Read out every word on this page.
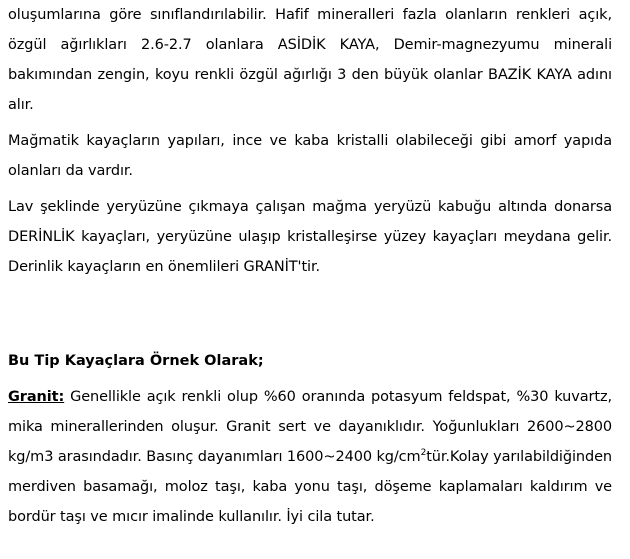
oluşumlarına göre sınıflandırılabilir. Hafif mineralleri fazla olanların renkleri açık, özgül ağırlıkları 2.6-2.7 olanlara ASİDİK KAYA, Demir-magnezyumu minerali bakımından zengin, koyu renkli özgül ağırlığı 3 den büyük olanlar BAZİK KAYA adını alır.

Mağmatik kayaçların yapıları, ince ve kaba kristalli olabileceği gibi amorf yapıda olanları da vardır.

Lav şeklinde yeryüzüne çıkmaya çalışan mağma yeryüzü kabuğu altında donarsa DERİNLİK kayaçları, yeryüzüne ulaşıp kristalleşirse yüzey kayaçları meydana gelir. Derinlik kayaçların en önemlileri GRANİT'tir.

Bu Tip Kayaçlara Örnek Olarak;

Granit: Genellikle açık renkli olup %60 oranında potasyum feldspat, %30 kuvartz, mika minerallerinden oluşur. Granit sert ve dayanıklıdır. Yoğunlukları 2600~2800 kg/m3 arasındadır. Basınç dayanımları 1600~2400 $kg/cm^2tür.Kolay$ yarılabildiğinden merdiven basamağı, moloz taşı, kaba yonu taşı, döşeme kaplamaları kaldırım ve bordür taşı ve mıcır imalinde kullanılır. İyi cila tutar.
